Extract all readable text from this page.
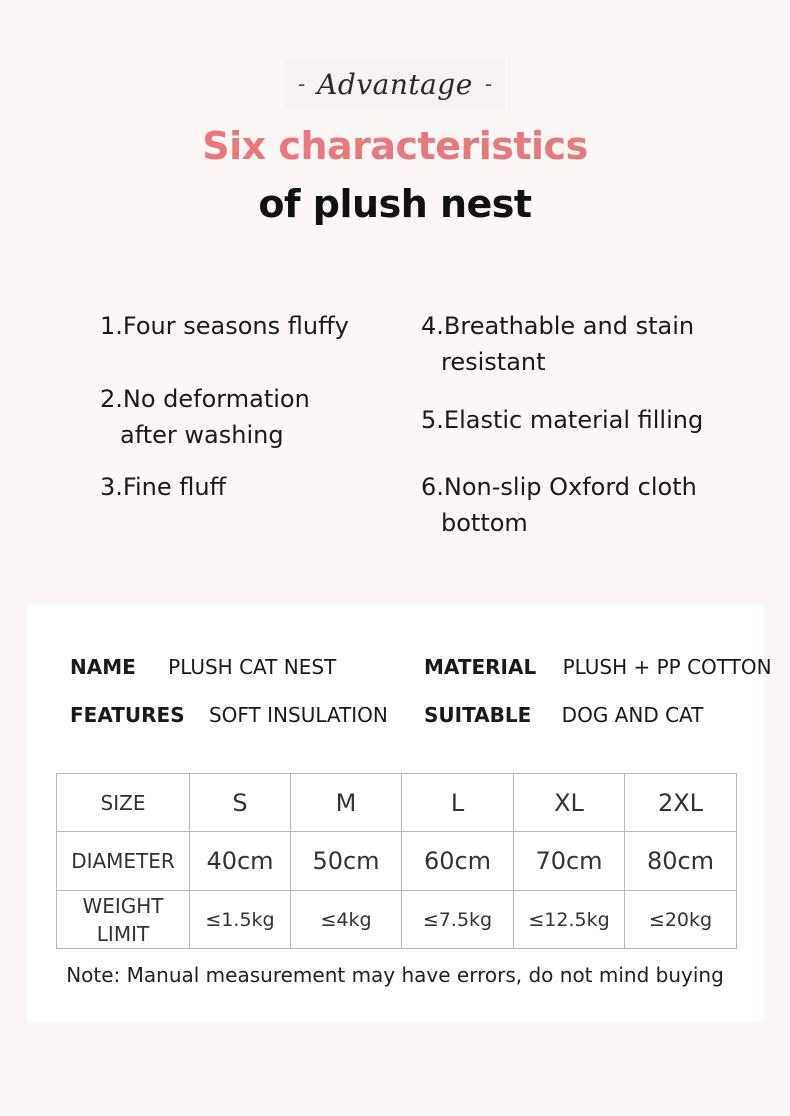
- Advantage -
Six characteristics
of plush nest
1.Four seasons fluffy
2.No deformation
after washing
3.Fine fluff
4.Breathable and stain
resistant
5.Elastic material filling
6.Non-slip Oxford cloth
bottom
NAME PLUSH CAT NEST	MATERIAL PLUSH + PP COTTON
FEATURES SOFT INSULATION SUITABLE DOG AND CAT
SIZE	S	M	L	XL	2XL
DIAMETER	40cm	50cm	60cm	70cm	80cm

WEIGHT
LIMIT	≤1.5kg	≤4kg	≤7.5kg	≤12.5kg	≤20kg
Note: Manual measurement may have errors, do not mind buying
